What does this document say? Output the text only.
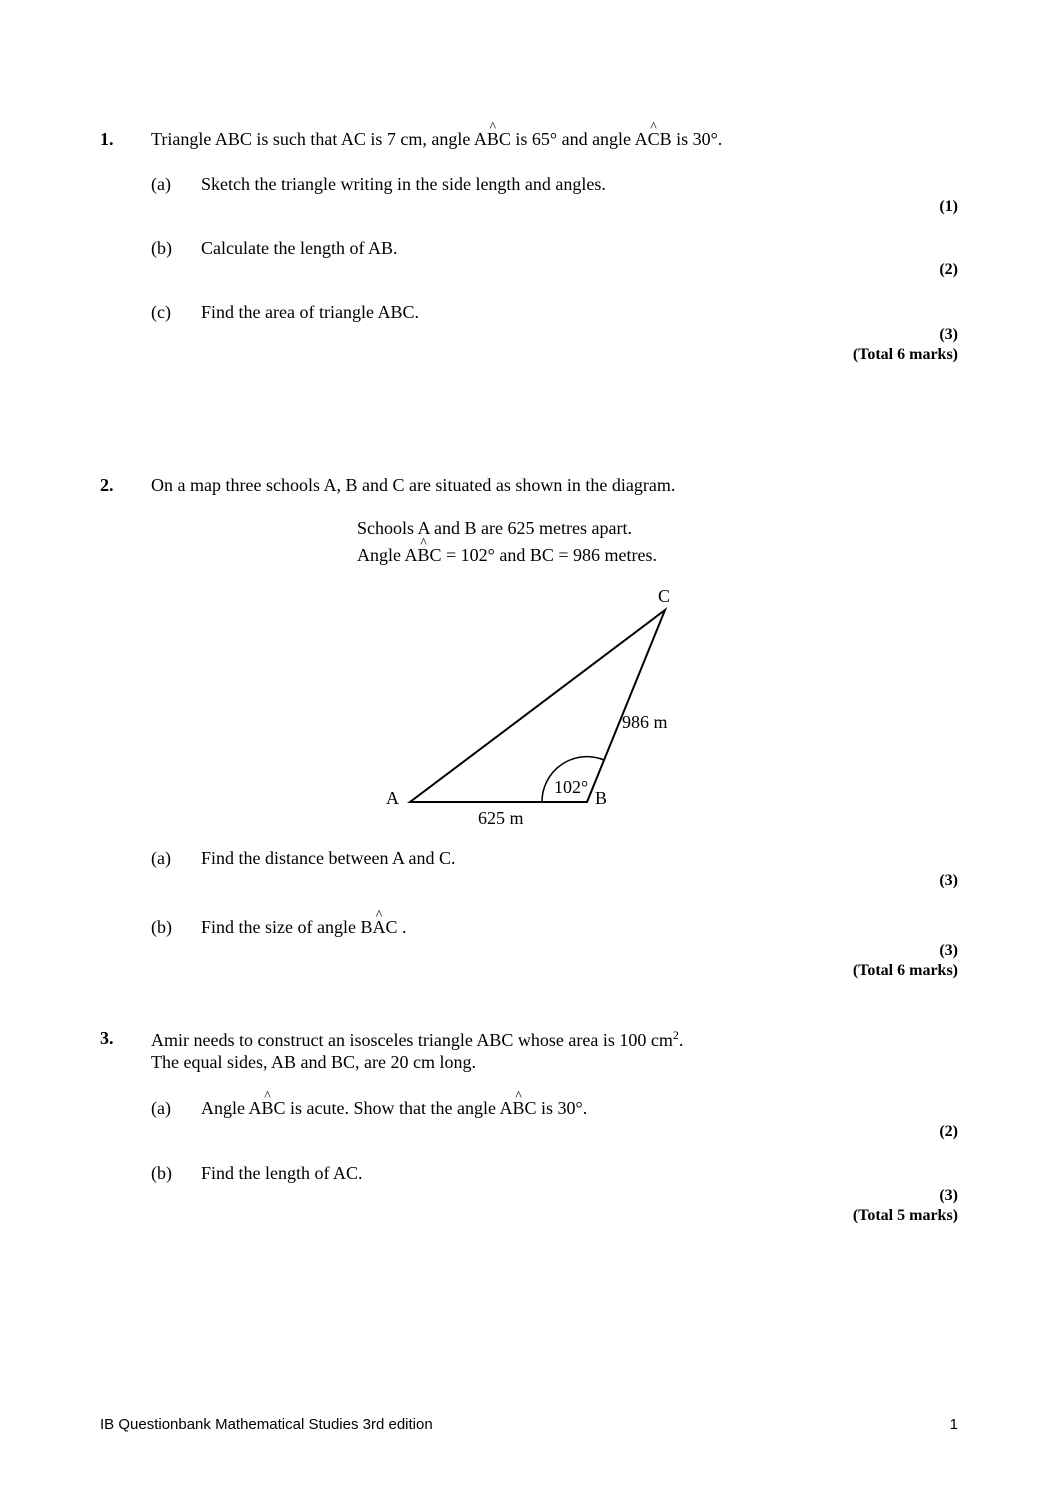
1. Triangle ABC is such that AC is 7 cm, angle A^ BC is 65° and angle A^ CB is 30°.
(a) Sketch the triangle writing in the side length and angles.
(1)
(b) Calculate the length of AB.
(2)
(c) Find the area of triangle ABC.
(3)
(Total 6 marks)
2. On a map three schools A, B and C are situated as shown in the diagram.
Schools A and B are 625 metres apart.
Angle A^ BC = 102° and BC = 986 metres.
A	B
C
625 m
986 m
102°
(a) Find the distance between A and C.
(3)
(b) Find the size of angle B^ AC .
(3)
(Total 6 marks)
3. Amir needs to construct an isosceles triangle ABC whose area is 100 $cm^2$.
The equal sides, AB and BC, are 20 cm long.
(a) Angle A^ BC is acute. Show that the angle A^ BC is 30°.
(2)
(b) Find the length of AC.
(3)
(Total 5 marks)
IB Questionbank Mathematical Studies 3rd edition	1
